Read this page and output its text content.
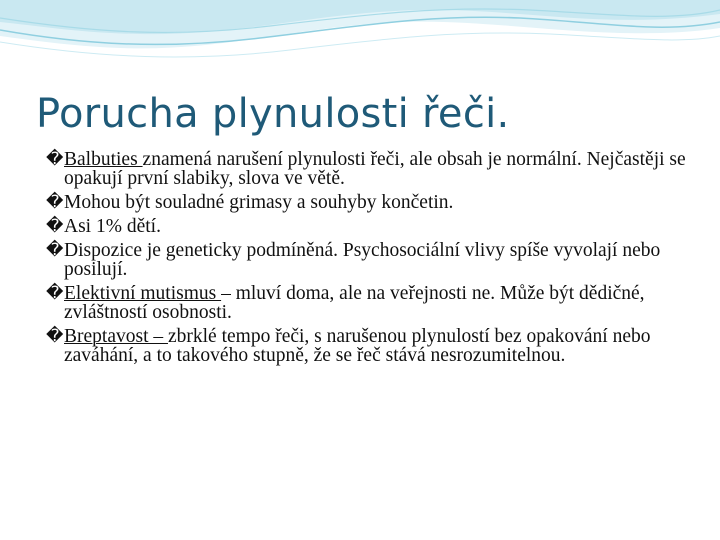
Porucha plynulosti řeči.
� Balbuties znamená narušení plynulosti řeči, ale obsah je normální. Nejčastěji se opakují první slabiky, slova ve větě.
� Mohou být souladné grimasy a souhyby končetin.
� Asi 1% dětí.
� Dispozice je geneticky podmíněná. Psychosociální vlivy spíše vyvolají nebo posilují.
� Elektivní mutismus – mluví doma, ale na veřejnosti ne. Může být dědičné, zvláštností osobnosti.
� Breptavost – zbrklé tempo řeči, s narušenou plynulostí bez opakování nebo zaváhání, a to takového stupně, že se řeč stává nesrozumitelnou.
